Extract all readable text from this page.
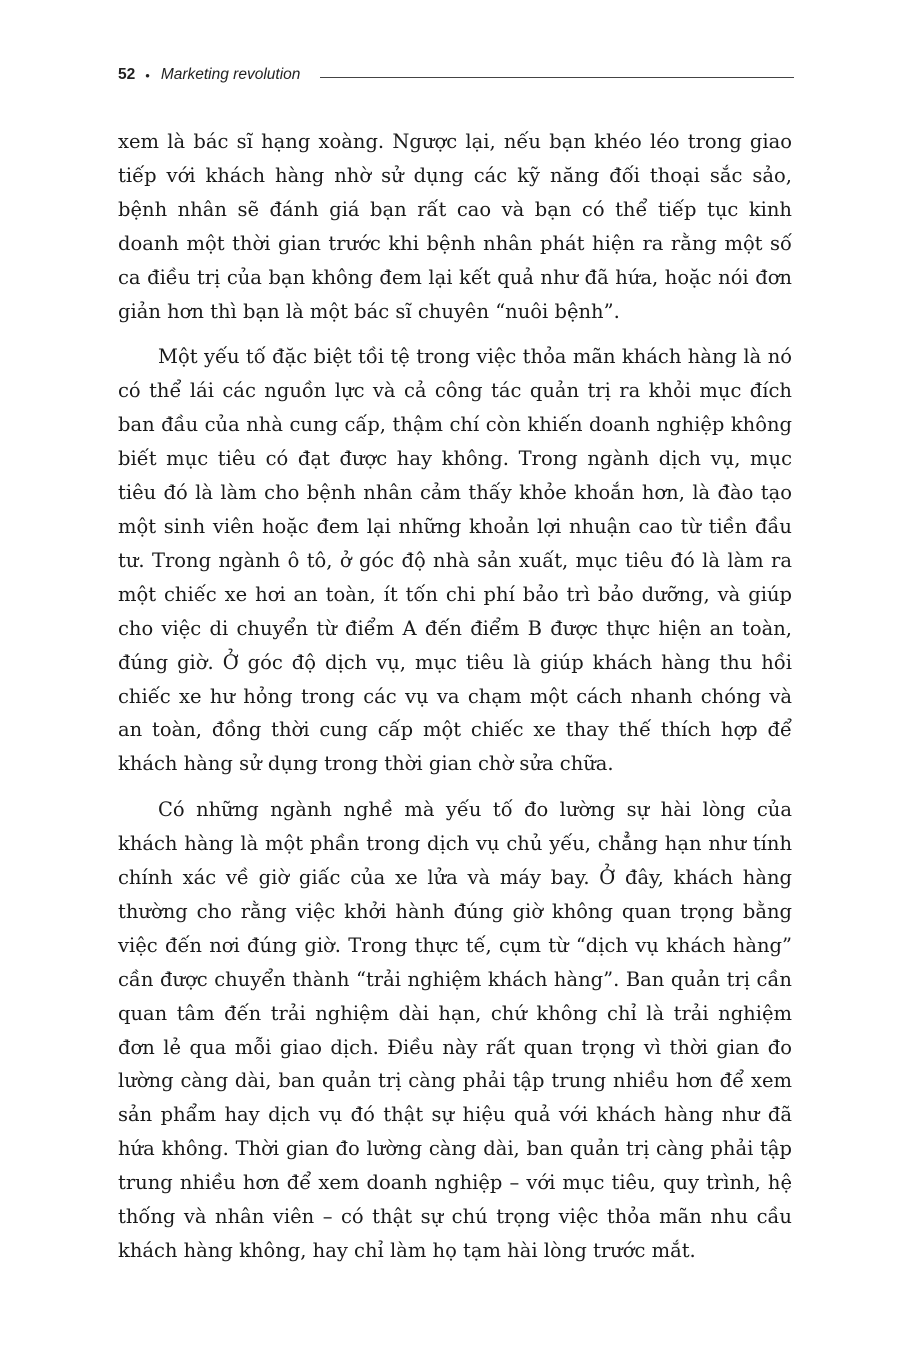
52 • Marketing revolution

xem là bác sĩ hạng xoàng. Ngược lại, nếu bạn khéo léo trong giao tiếp với khách hàng nhờ sử dụng các kỹ năng đối thoại sắc sảo, bệnh nhân sẽ đánh giá bạn rất cao và bạn có thể tiếp tục kinh doanh một thời gian trước khi bệnh nhân phát hiện ra rằng một số ca điều trị của bạn không đem lại kết quả như đã hứa, hoặc nói đơn giản hơn thì bạn là một bác sĩ chuyên “nuôi bệnh”.

Một yếu tố đặc biệt tồi tệ trong việc thỏa mãn khách hàng là nó có thể lái các nguồn lực và cả công tác quản trị ra khỏi mục đích ban đầu của nhà cung cấp, thậm chí còn khiến doanh nghiệp không biết mục tiêu có đạt được hay không. Trong ngành dịch vụ, mục tiêu đó là làm cho bệnh nhân cảm thấy khỏe khoắn hơn, là đào tạo một sinh viên hoặc đem lại những khoản lợi nhuận cao từ tiền đầu tư. Trong ngành ô tô, ở góc độ nhà sản xuất, mục tiêu đó là làm ra một chiếc xe hơi an toàn, ít tốn chi phí bảo trì bảo dưỡng, và giúp cho việc di chuyển từ điểm A đến điểm B được thực hiện an toàn, đúng giờ. Ở góc độ dịch vụ, mục tiêu là giúp khách hàng thu hồi chiếc xe hư hỏng trong các vụ va chạm một cách nhanh chóng và an toàn, đồng thời cung cấp một chiếc xe thay thế thích hợp để khách hàng sử dụng trong thời gian chờ sửa chữa.

Có những ngành nghề mà yếu tố đo lường sự hài lòng của khách hàng là một phần trong dịch vụ chủ yếu, chẳng hạn như tính chính xác về giờ giấc của xe lửa và máy bay. Ở đây, khách hàng thường cho rằng việc khởi hành đúng giờ không quan trọng bằng việc đến nơi đúng giờ. Trong thực tế, cụm từ “dịch vụ khách hàng” cần được chuyển thành “trải nghiệm khách hàng”. Ban quản trị cần quan tâm đến trải nghiệm dài hạn, chứ không chỉ là trải nghiệm đơn lẻ qua mỗi giao dịch. Điều này rất quan trọng vì thời gian đo lường càng dài, ban quản trị càng phải tập trung nhiều hơn để xem sản phẩm hay dịch vụ đó thật sự hiệu quả với khách hàng như đã hứa không. Thời gian đo lường càng dài, ban quản trị càng phải tập trung nhiều hơn để xem doanh nghiệp – với mục tiêu, quy trình, hệ thống và nhân viên – có thật sự chú trọng việc thỏa mãn nhu cầu khách hàng không, hay chỉ làm họ tạm hài lòng trước mắt.
